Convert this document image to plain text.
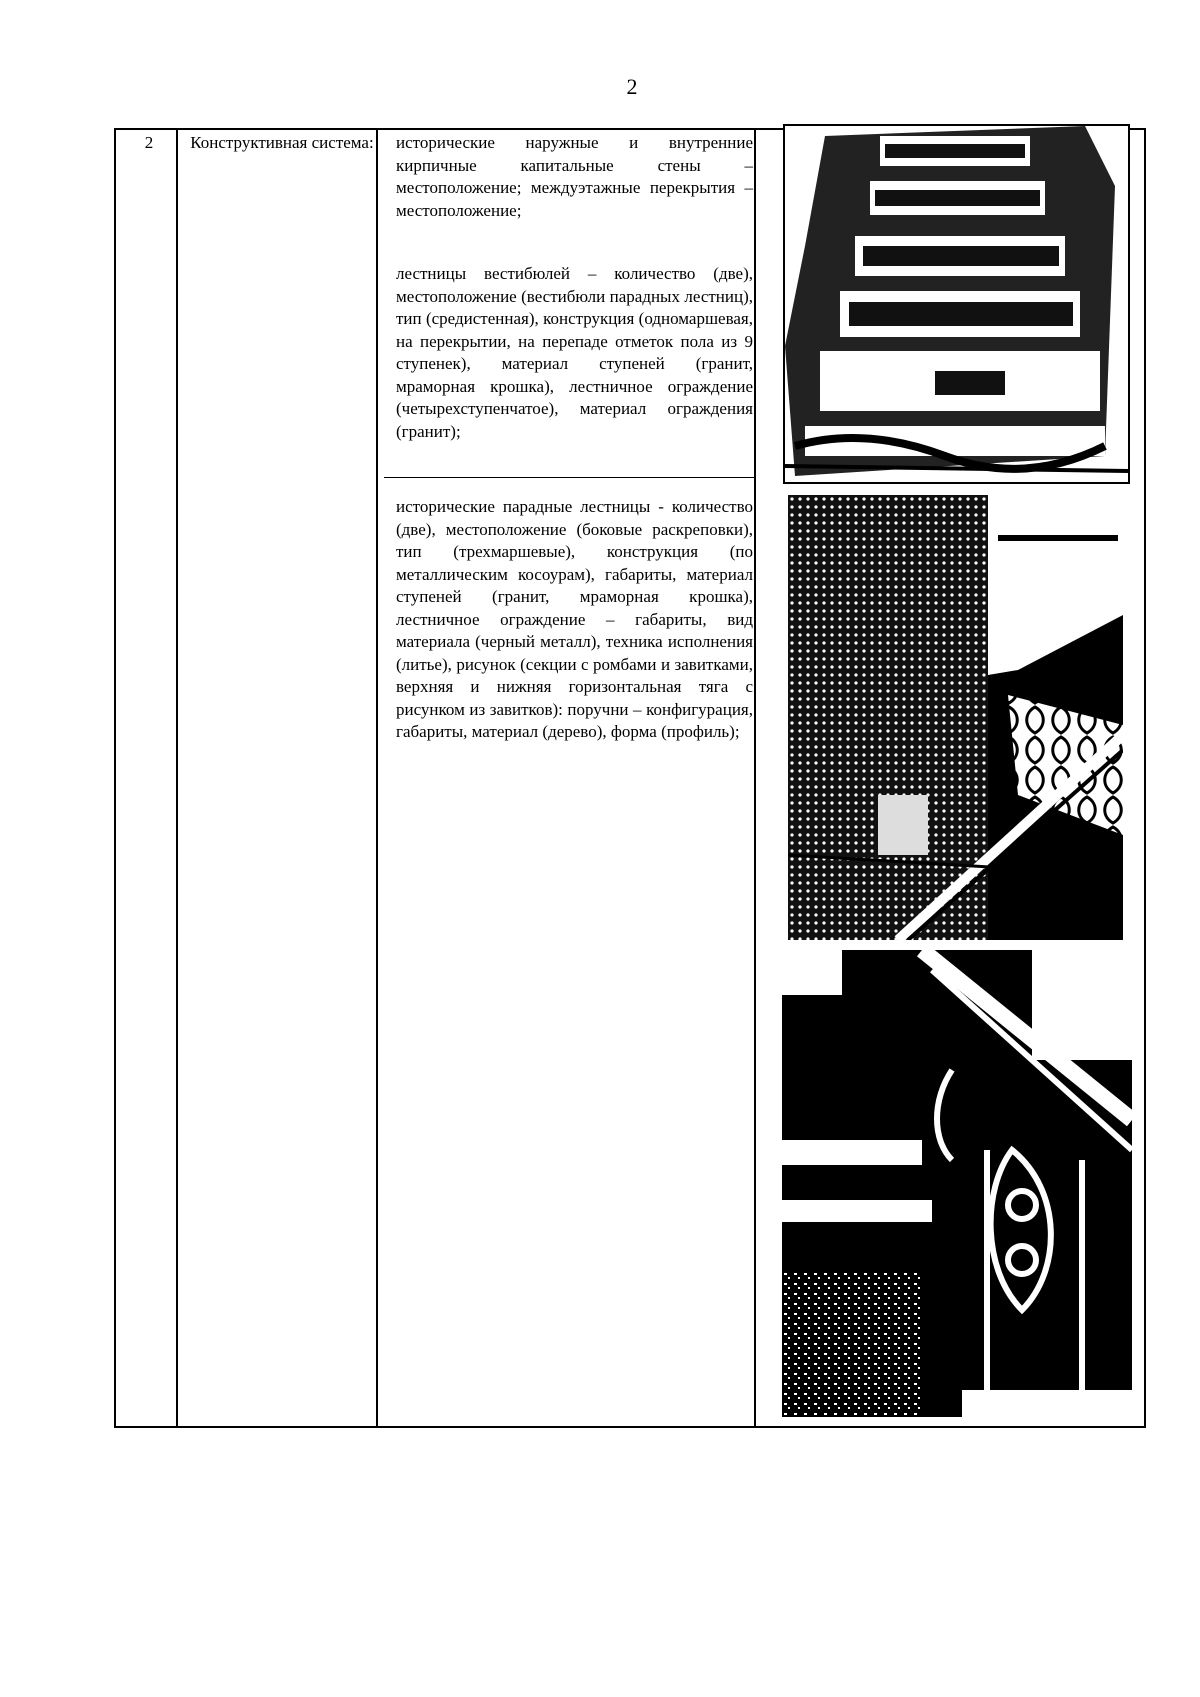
2
2	Конструктивная система:	исторические наружные и внутренние кирпичные капитальные стены – местоположение; междуэтажные перекрытия – местоположение;
лестницы вестибюлей – количество (две), местоположение (вестибюли парадных лестниц), тип (средистенная), конструкция (одномаршевая, на перекрытии, на перепаде отметок пола из 9 ступенек), материал ступеней (гранит, мраморная крошка), лестничное ограждение (четырехступенчатое), материал ограждения (гранит);
исторические парадные лестницы - количество (две), местоположение (боковые раскреповки), тип (трехмаршевые), конструкция (по металлическим косоурам), габариты, материал ступеней (гранит, мраморная крошка), лестничное ограждение – габариты, вид материала (черный металл), техника исполнения (литье), рисунок (секции с ромбами и завитками, верхняя и нижняя горизонтальная тяга с рисунком из завитков): поручни – конфигурация, габариты, материал (дерево), форма (профиль);
